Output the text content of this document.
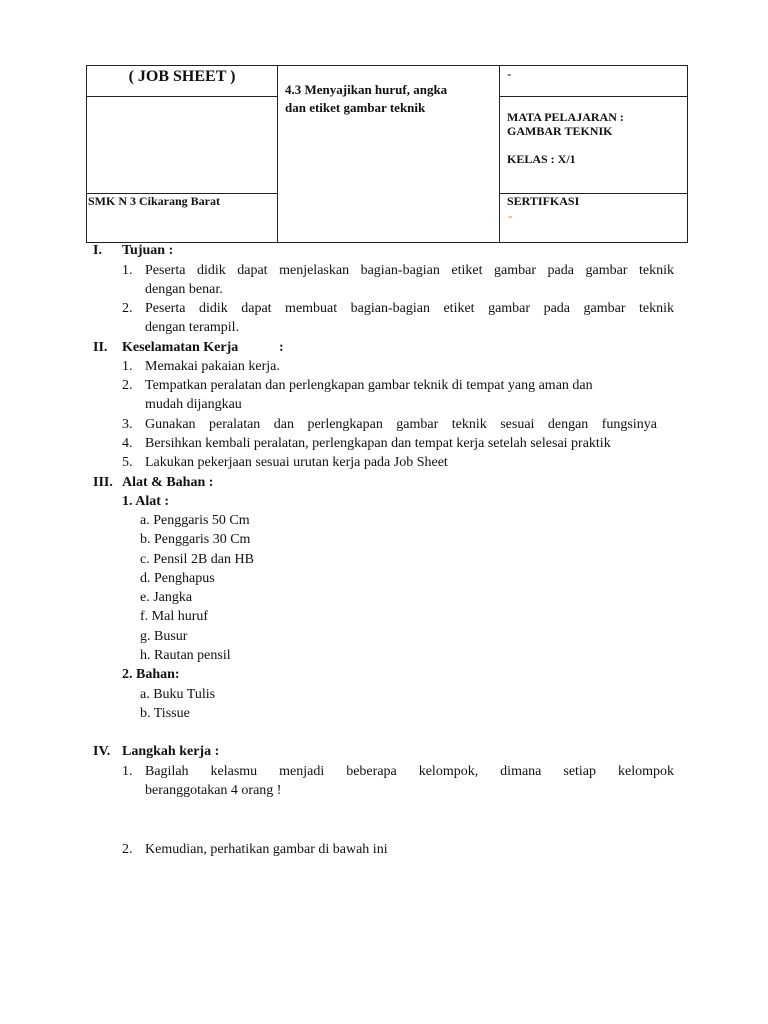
( JOB SHEET )
4.3 Menyajikan huruf, angka
dan etiket gambar teknik
-
SMK N 3 Cikarang Barat
MATA PELAJARAN :
GAMBAR TEKNIK
KELAS : X/1
SERTIFKASI
-
I. Tujuan :
1. Peserta didik dapat menjelaskan bagian-bagian etiket gambar pada gambar teknik
dengan benar.
2. Peserta didik dapat membuat bagian-bagian etiket gambar pada gambar teknik
dengan terampil.
II. Keselamatan Kerja	:
1. Memakai pakaian kerja.
2. Tempatkan peralatan dan perlengkapan gambar teknik di tempat yang aman dan
mudah dijangkau
3. Gunakan peralatan dan perlengkapan gambar teknik sesuai dengan fungsinya
4. Bersihkan kembali peralatan, perlengkapan dan tempat kerja setelah selesai praktik
5. Lakukan pekerjaan sesuai urutan kerja pada Job Sheet
III. Alat & Bahan :
1. Alat :
a. Penggaris 50 Cm
b. Penggaris 30 Cm
c. Pensil 2B dan HB
d. Penghapus
e. Jangka
f. Mal huruf
g. Busur
h. Rautan pensil
2. Bahan:
a. Buku Tulis
b. Tissue
IV. Langkah kerja :
1. Bagilah kelasmu menjadi beberapa kelompok, dimana setiap kelompok
beranggotakan 4 orang !
2. Kemudian, perhatikan gambar di bawah ini
